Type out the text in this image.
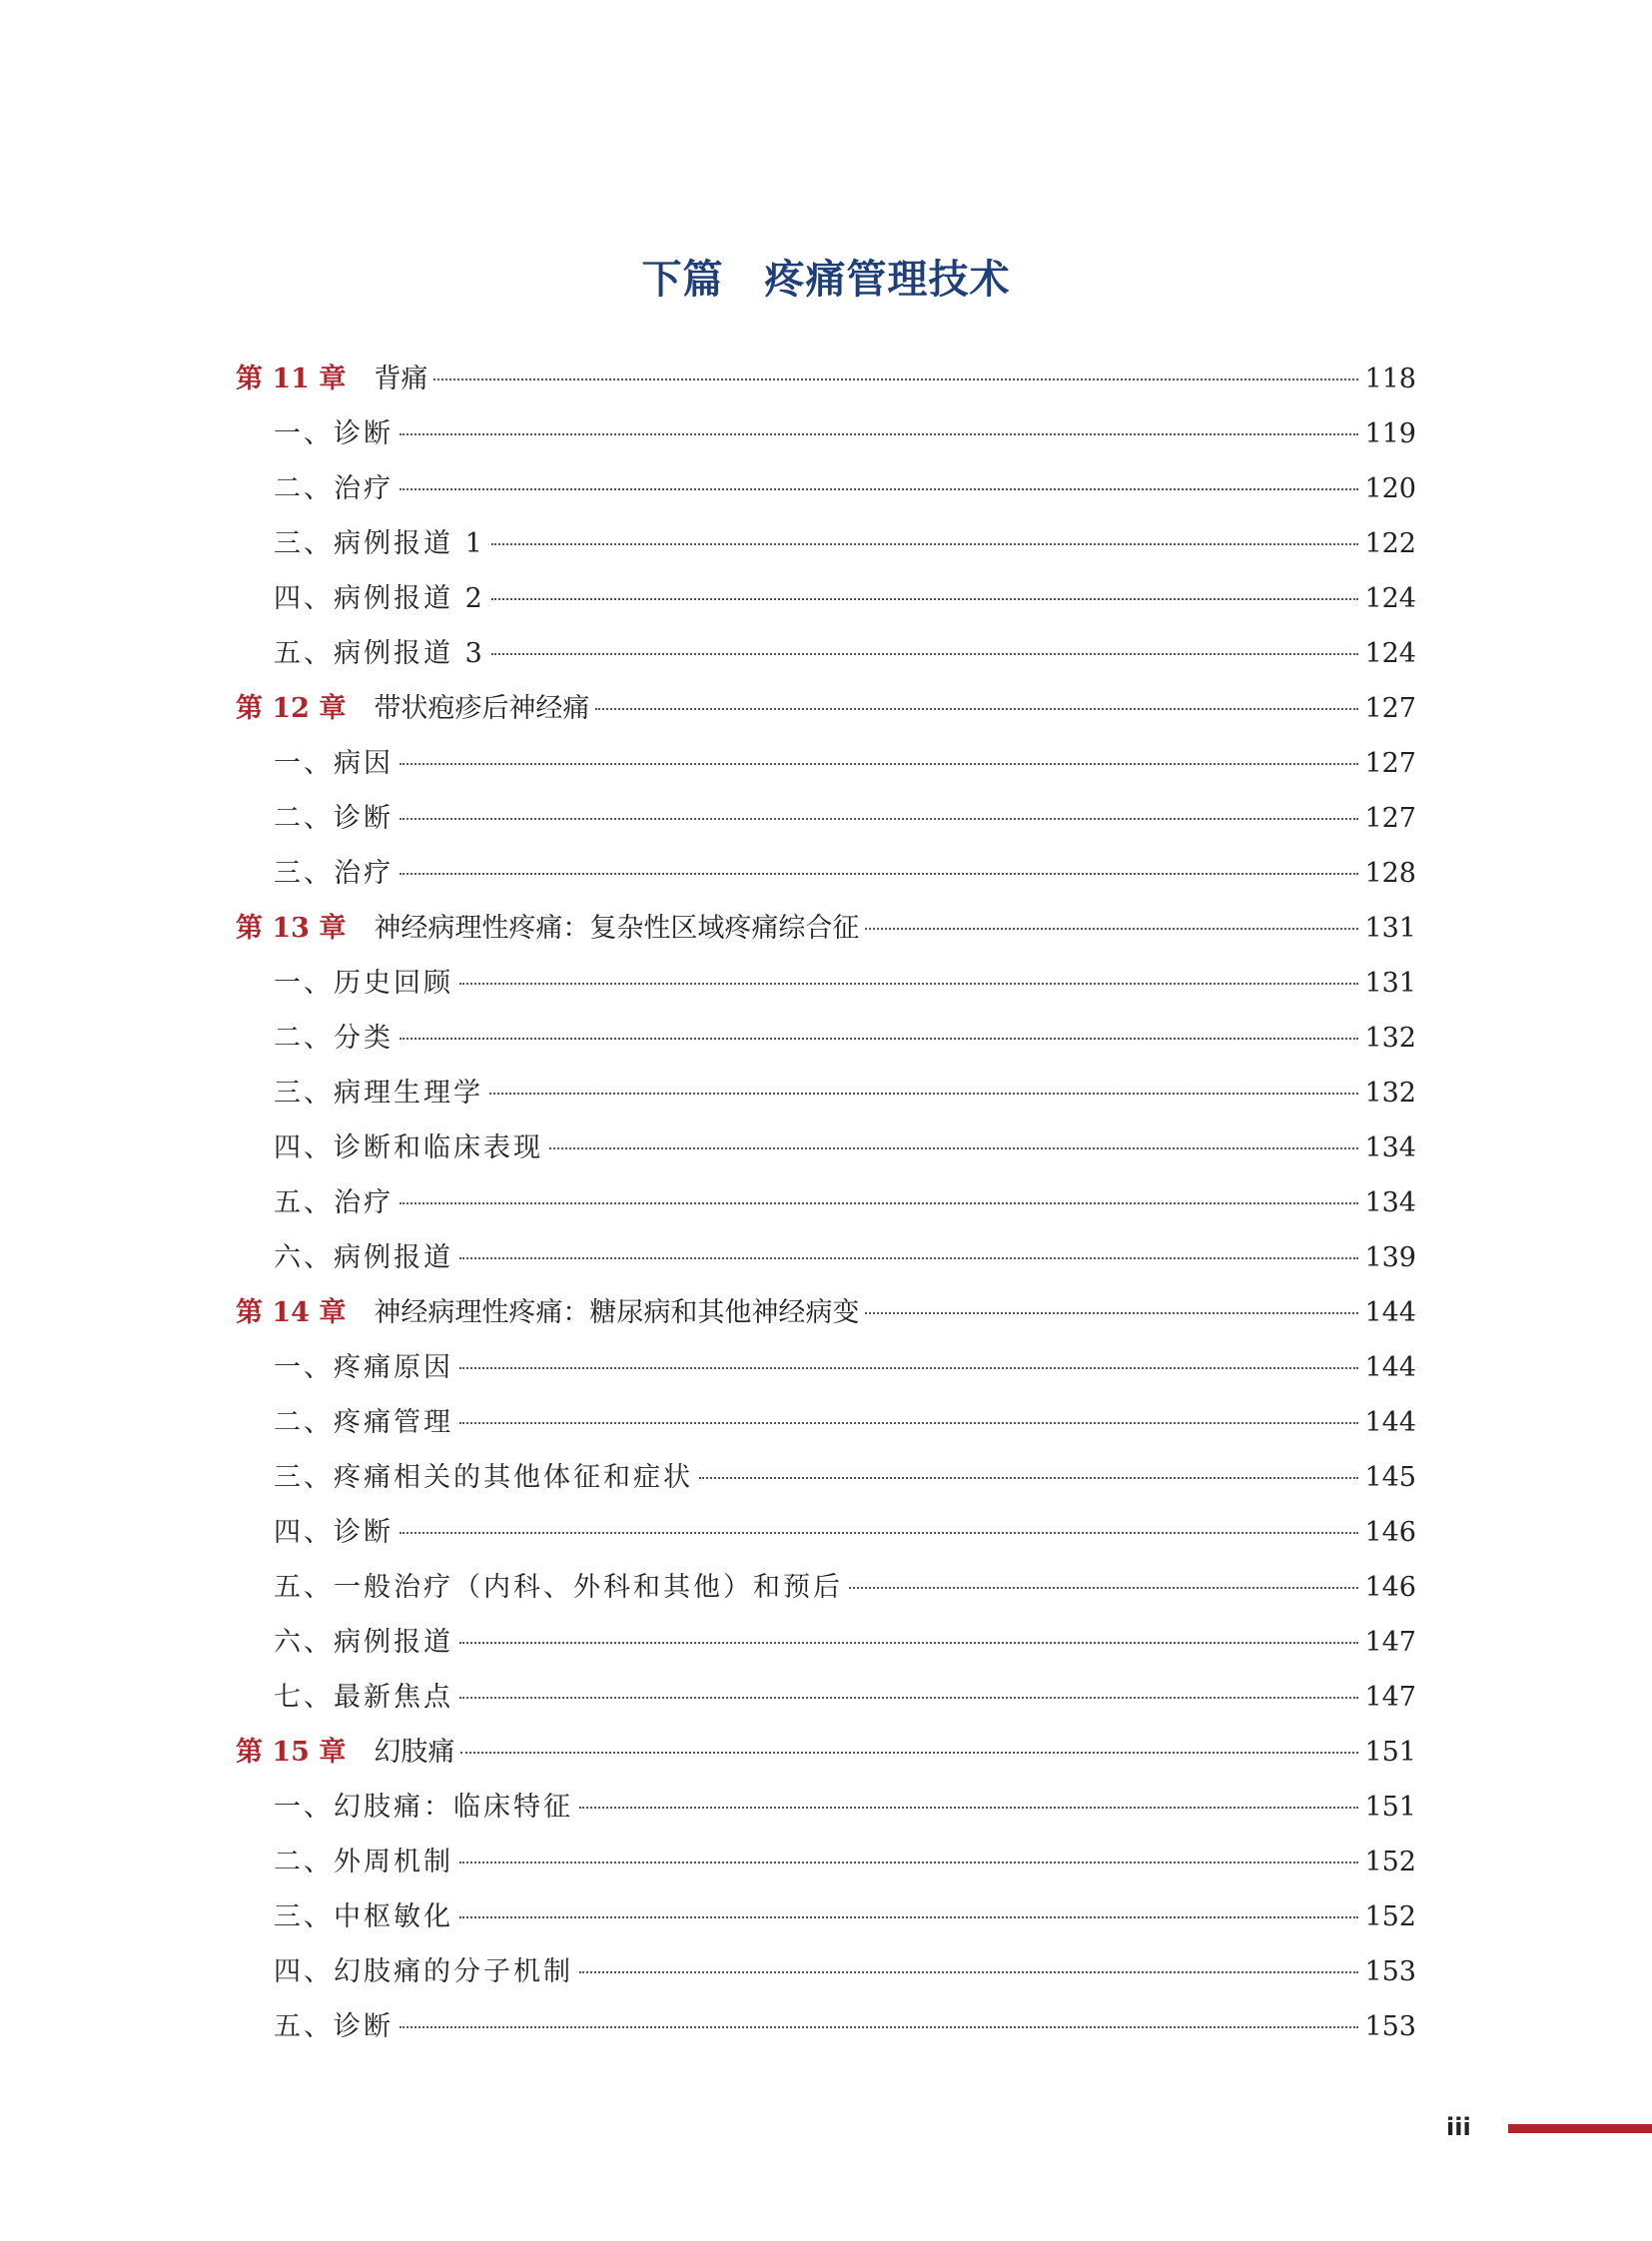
下篇　疼痛管理技术
第 11 章 背痛	118
一、诊断	119
二、治疗	120
三、病例报道 1	122
四、病例报道 2	124
五、病例报道 3	124
第 12 章 带状疱疹后神经痛	127
一、病因	127
二、诊断	127
三、治疗	128
第 13 章 神经病理性疼痛：复杂性区域疼痛综合征	131
一、历史回顾	131
二、分类	132
三、病理生理学	132
四、诊断和临床表现	134
五、治疗	134
六、病例报道	139
第 14 章 神经病理性疼痛：糖尿病和其他神经病变	144
一、疼痛原因	144
二、疼痛管理	144
三、疼痛相关的其他体征和症状	145
四、诊断	146
五、一般治疗（内科、外科和其他）和预后	146
六、病例报道	147
七、最新焦点	147
第 15 章 幻肢痛	151
一、幻肢痛：临床特征	151
二、外周机制	152
三、中枢敏化	152
四、幻肢痛的分子机制	153
五、诊断	153
iii
